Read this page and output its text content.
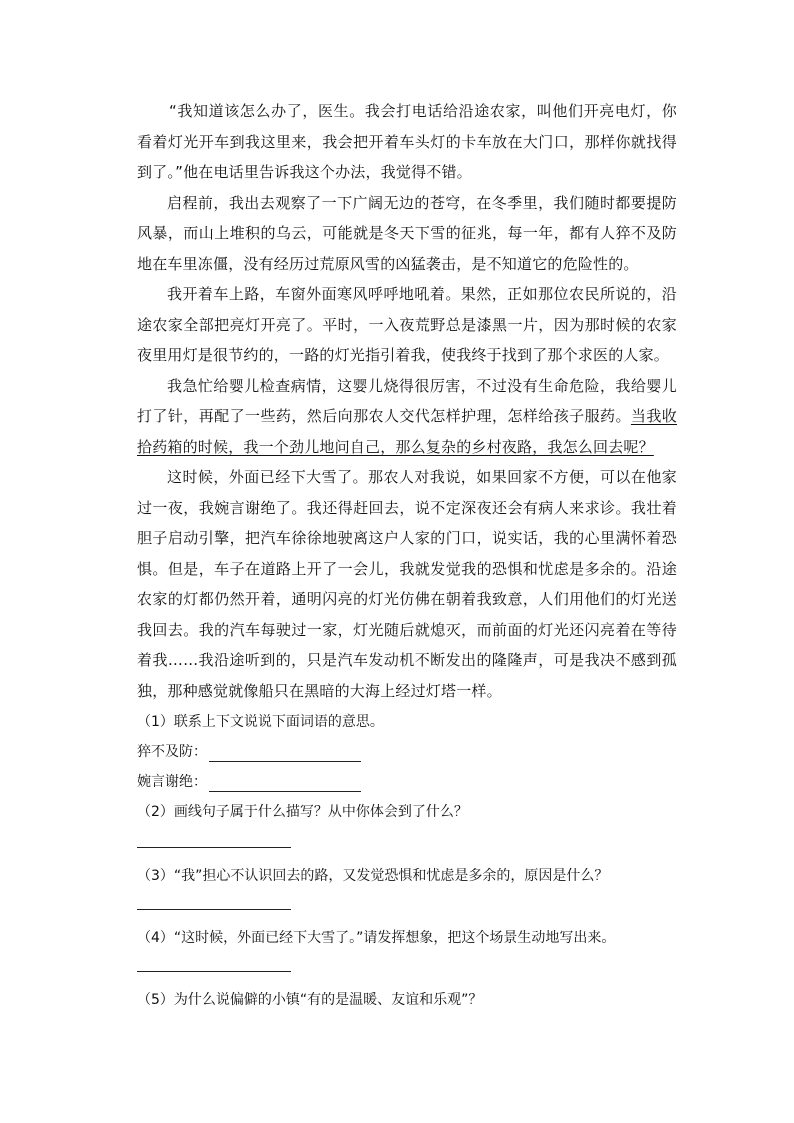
“我知道该怎么办了，医生。我会打电话给沿途农家，叫他们开亮电灯，你看着灯光开车到我这里来，我会把开着车头灯的卡车放在大门口，那样你就找得到了。”他在电话里告诉我这个办法，我觉得不错。

启程前，我出去观察了一下广阔无边的苍穹，在冬季里，我们随时都要提防风暴，而山上堆积的乌云，可能就是冬天下雪的征兆，每一年，都有人猝不及防地在车里冻僵，没有经历过荒原风雪的凶猛袭击，是不知道它的危险性的。

我开着车上路，车窗外面寒风呼呼地吼着。果然，正如那位农民所说的，沿途农家全部把亮灯开亮了。平时，一入夜荒野总是漆黑一片，因为那时候的农家夜里用灯是很节约的，一路的灯光指引着我，使我终于找到了那个求医的人家。

我急忙给婴儿检查病情，这婴儿烧得很厉害，不过没有生命危险，我给婴儿打了针，再配了一些药，然后向那农人交代怎样护理，怎样给孩子服药。当我收拾药箱的时候，我一个劲儿地问自己，那么复杂的乡村夜路，我怎么回去呢？

这时候，外面已经下大雪了。那农人对我说，如果回家不方便，可以在他家过一夜，我婉言谢绝了。我还得赶回去，说不定深夜还会有病人来求诊。我壮着胆子启动引擎，把汽车徐徐地驶离这户人家的门口，说实话，我的心里满怀着恐惧。但是，车子在道路上开了一会儿，我就发觉我的恐惧和忧虑是多余的。沿途农家的灯都仍然开着，通明闪亮的灯光仿佛在朝着我致意，人们用他们的灯光送我回去。我的汽车每驶过一家，灯光随后就熄灭，而前面的灯光还闪亮着在等待着我……我沿途听到的，只是汽车发动机不断发出的隆隆声，可是我决不感到孤独，那种感觉就像船只在黑暗的大海上经过灯塔一样。

（1）联系上下文说说下面词语的意思。

猝不及防：
婉言谢绝：

（2）画线句子属于什么描写？从中你体会到了什么？

（3）“我”担心不认识回去的路，又发觉恐惧和忧虑是多余的，原因是什么？

（4）“这时候，外面已经下大雪了。”请发挥想象，把这个场景生动地写出来。

（5）为什么说偏僻的小镇“有的是温暖、友谊和乐观”？
